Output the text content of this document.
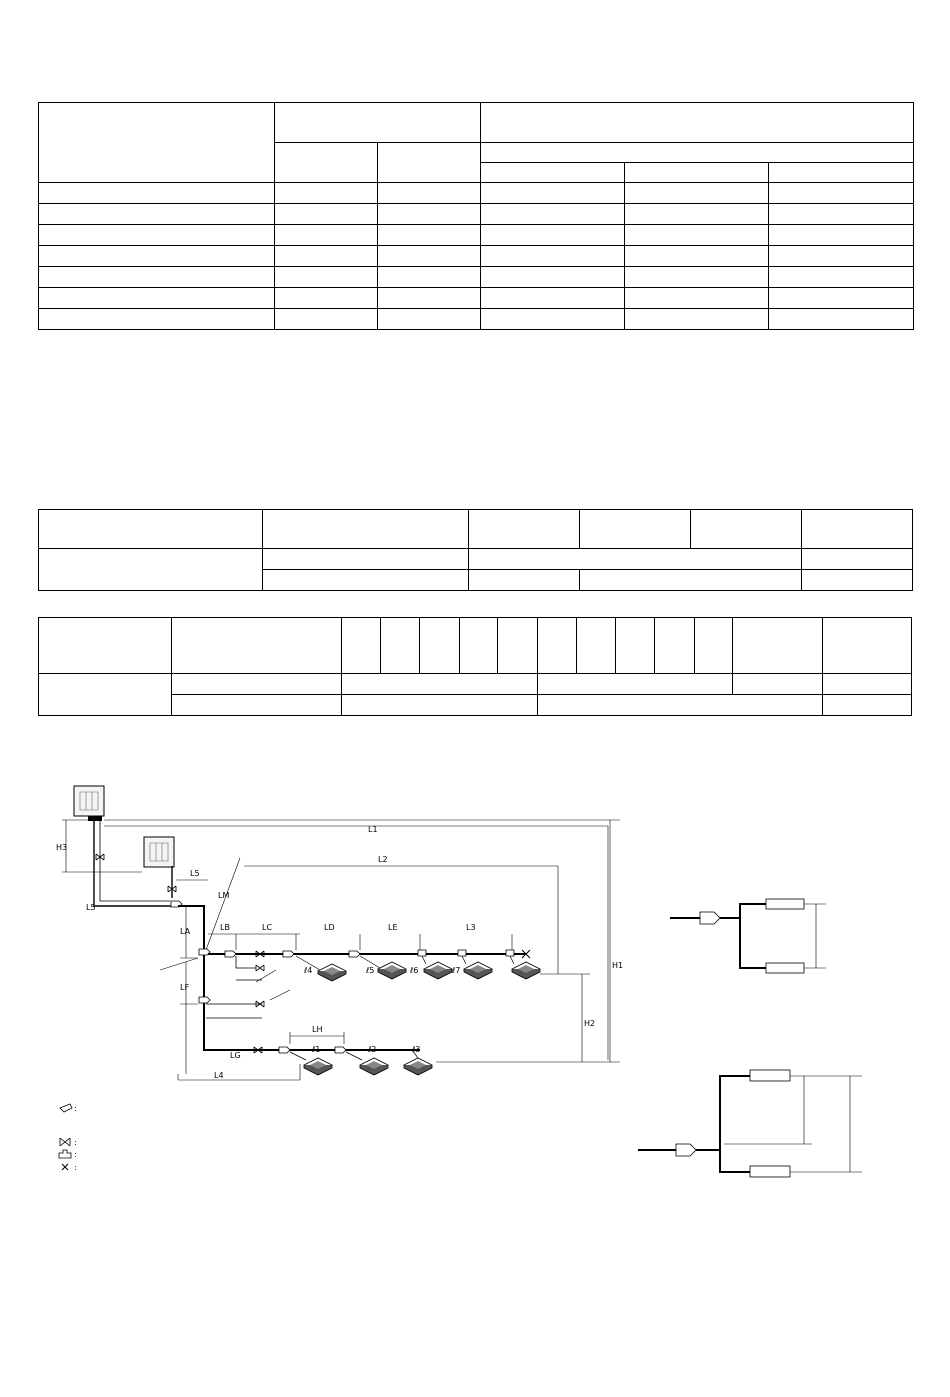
H3
L5
L5
L1
H1
L2
H2
LM
LA
LF
LB	LC	LD	LE	L3
ℓ4	ℓ5	ℓ6	ℓ7
LG
LH
ℓ1	ℓ2	ℓ3
L4
:
:
:
:
